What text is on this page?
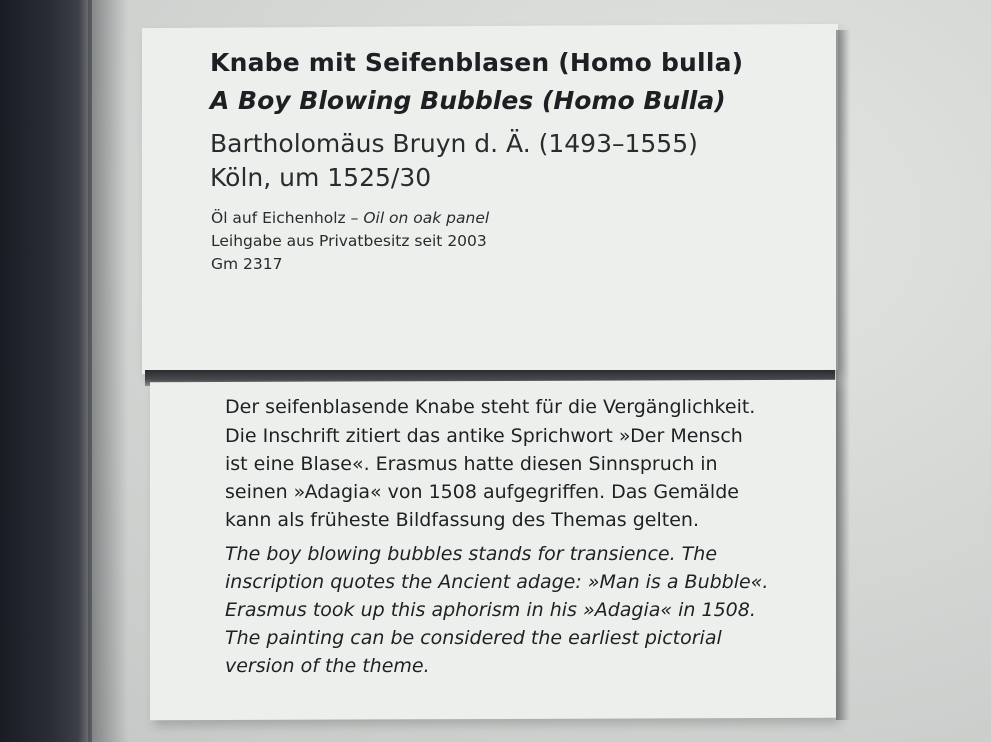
Knabe mit Seifenblasen (Homo bulla)
A Boy Blowing Bubbles (Homo Bulla)
Bartholomäus Bruyn d. Ä. (1493–1555)
Köln, um 1525/30
Öl auf Eichenholz – Oil on oak panel
Leihgabe aus Privatbesitz seit 2003
Gm 2317
Der seifenblasende Knabe steht für die Vergänglichkeit.
Die Inschrift zitiert das antike Sprichwort »Der Mensch
ist eine Blase«. Erasmus hatte diesen Sinnspruch in
seinen »Adagia« von 1508 aufgegriffen. Das Gemälde
kann als früheste Bildfassung des Themas gelten.
The boy blowing bubbles stands for transience. The
inscription quotes the Ancient adage: »Man is a Bubble«.
Erasmus took up this aphorism in his »Adagia« in 1508.
The painting can be considered the earliest pictorial
version of the theme.
